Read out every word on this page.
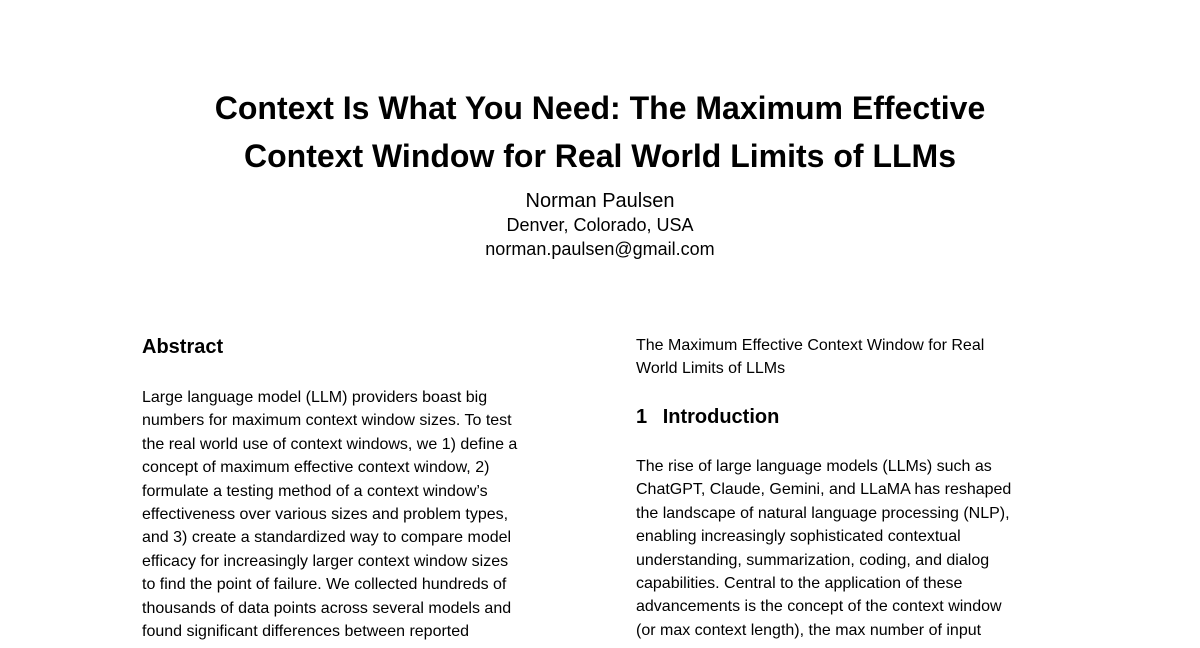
Context Is What You Need: The Maximum Effective
Context Window for Real World Limits of LLMs
Norman Paulsen
Denver, Colorado, USA
norman.paulsen@gmail.com
Abstract
Large language model (LLM) providers boast big
numbers for maximum context window sizes. To test
the real world use of context windows, we 1) define a
concept of maximum effective context window, 2)
formulate a testing method of a context window’s
effectiveness over various sizes and problem types,
and 3) create a standardized way to compare model
efficacy for increasingly larger context window sizes
to find the point of failure. We collected hundreds of
thousands of data points across several models and
found significant differences between reported
The Maximum Effective Context Window for Real
World Limits of LLMs
1 Introduction
The rise of large language models (LLMs) such as
ChatGPT, Claude, Gemini, and LLaMA has reshaped
the landscape of natural language processing (NLP),
enabling increasingly sophisticated contextual
understanding, summarization, coding, and dialog
capabilities. Central to the application of these
advancements is the concept of the context window
(or max context length), the max number of input
